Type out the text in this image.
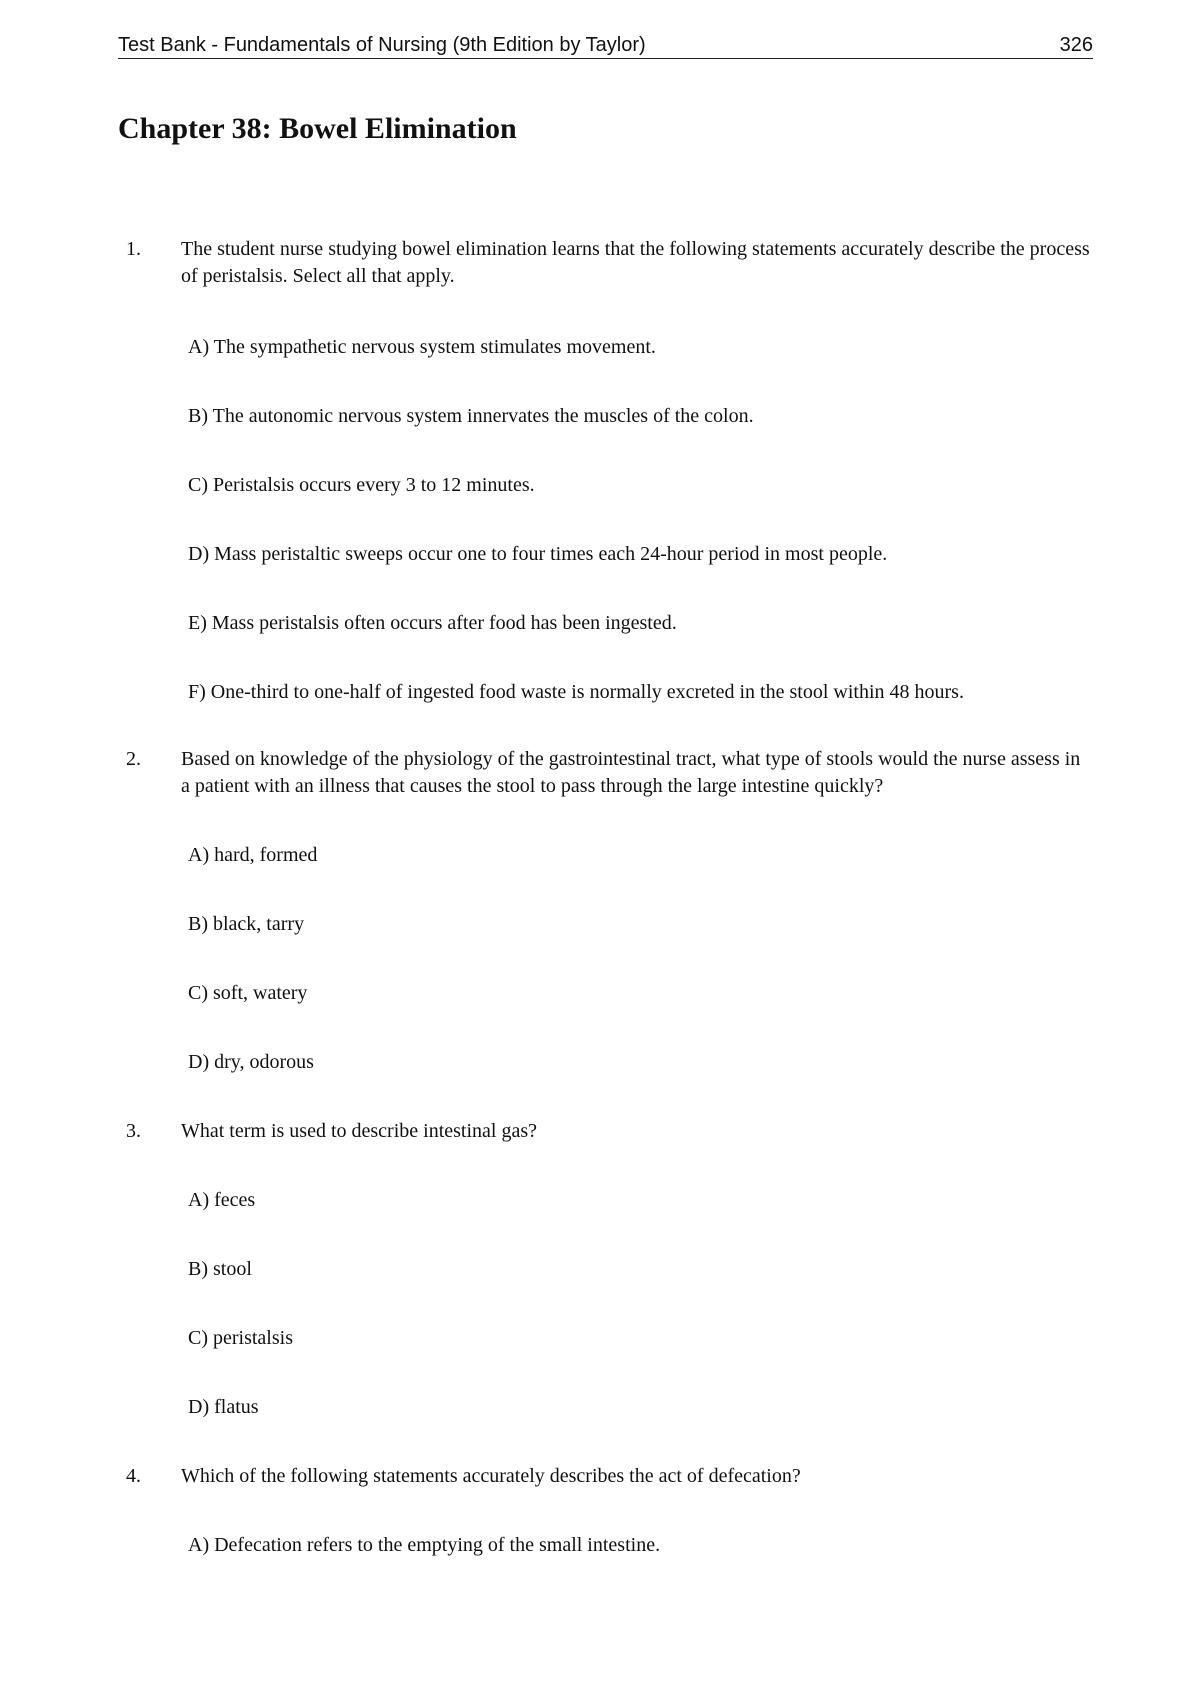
Test Bank - Fundamentals of Nursing (9th Edition by Taylor)	326
Chapter 38: Bowel Elimination
1. The student nurse studying bowel elimination learns that the following statements accurately describe the process of peristalsis. Select all that apply.
A) The sympathetic nervous system stimulates movement.
B) The autonomic nervous system innervates the muscles of the colon.
C) Peristalsis occurs every 3 to 12 minutes.
D) Mass peristaltic sweeps occur one to four times each 24-hour period in most people.
E) Mass peristalsis often occurs after food has been ingested.
F) One-third to one-half of ingested food waste is normally excreted in the stool within 48 hours.
2. Based on knowledge of the physiology of the gastrointestinal tract, what type of stools would the nurse assess in a patient with an illness that causes the stool to pass through the large intestine quickly?
A) hard, formed
B) black, tarry
C) soft, watery
D) dry, odorous
3. What term is used to describe intestinal gas?
A) feces
B) stool
C) peristalsis
D) flatus
4. Which of the following statements accurately describes the act of defecation?
A) Defecation refers to the emptying of the small intestine.
